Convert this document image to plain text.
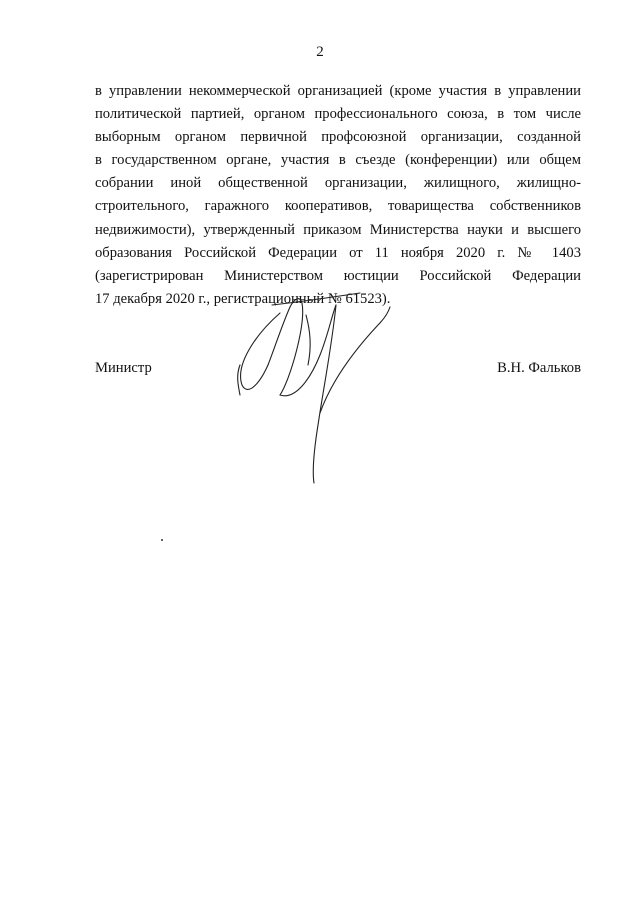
2
в управлении некоммерческой организацией (кроме участия в управлении
политической партией, органом профессионального союза, в том числе
выборным органом первичной профсоюзной организации, созданной
в государственном органе, участия в съезде (конференции) или общем
собрании иной общественной организации, жилищного, жилищно-
строительного, гаражного кооперативов, товарищества собственников
недвижимости), утвержденный приказом Министерства науки и высшего
образования Российской Федерации от 11 ноября 2020 г. № 1403
(зарегистрирован Министерством юстиции Российской Федерации
17 декабря 2020 г., регистрационный № 61523).
Министр	В.Н. Фальков
